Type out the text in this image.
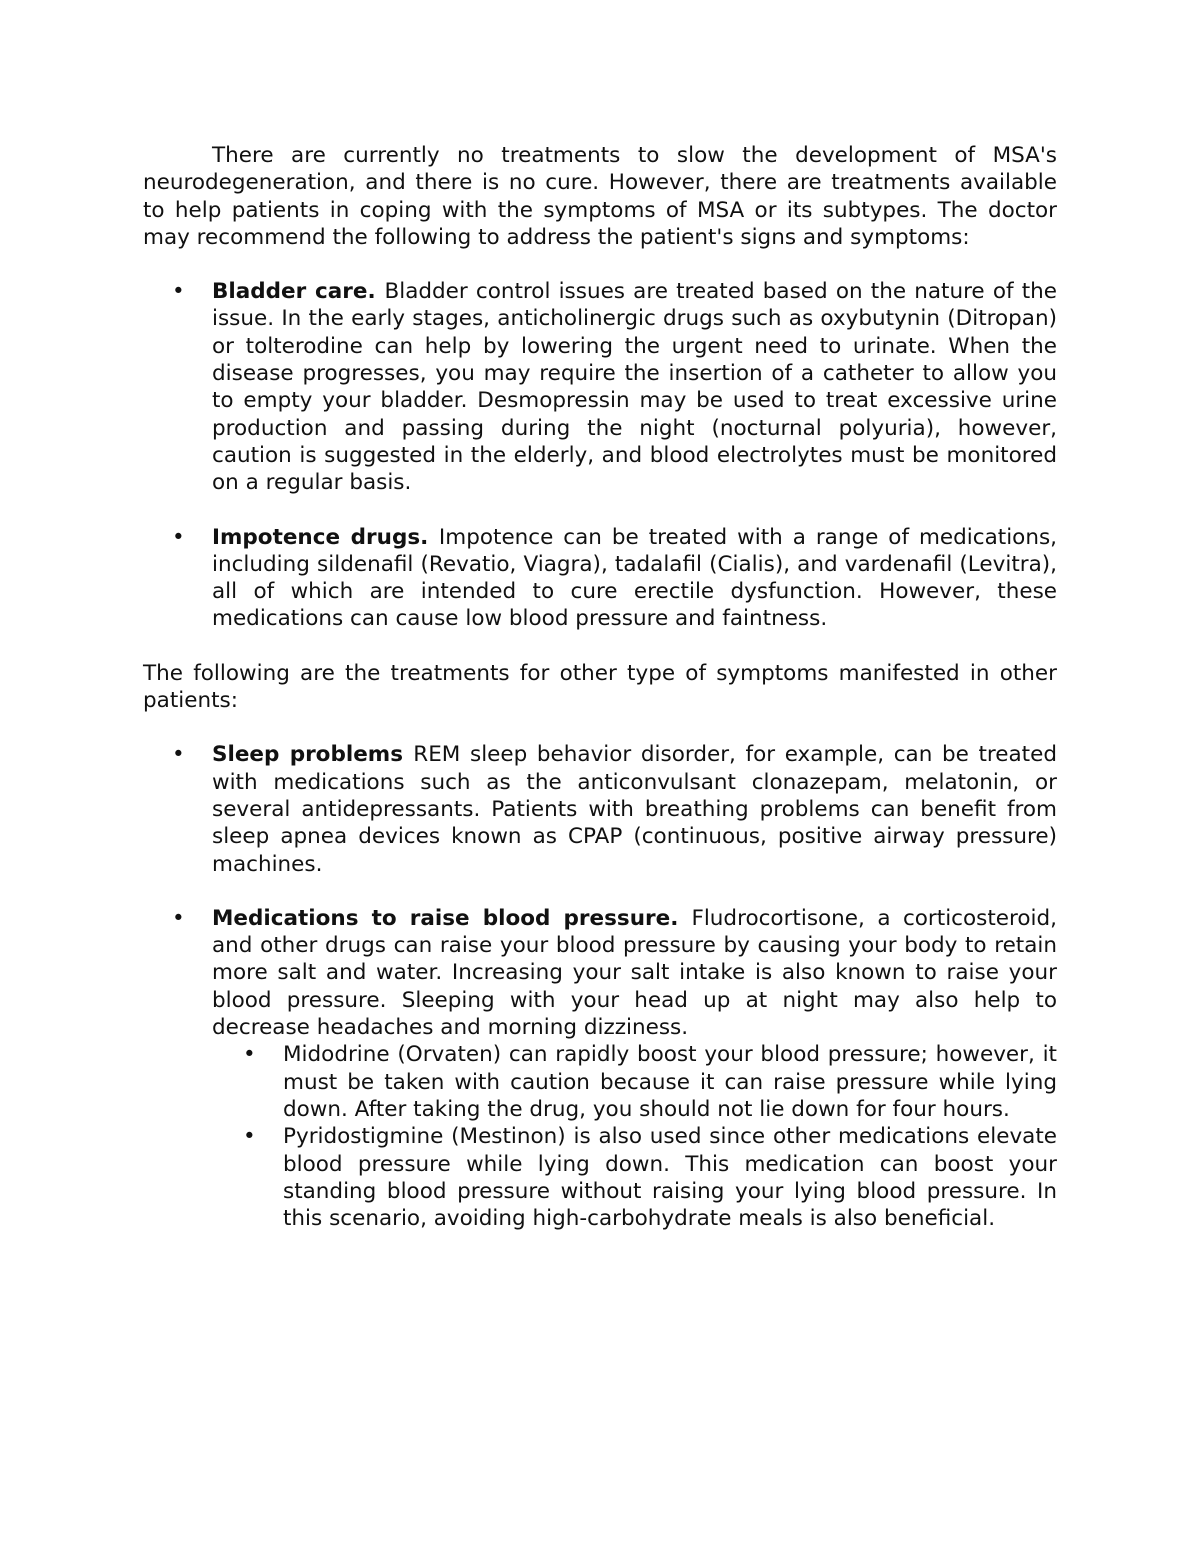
There are currently no treatments to slow the development of MSA's neurodegeneration, and there is no cure. However, there are treatments available to help patients in coping with the symptoms of MSA or its subtypes. The doctor may recommend the following to address the patient's signs and symptoms:

• Bladder care. Bladder control issues are treated based on the nature of the issue. In the early stages, anticholinergic drugs such as oxybutynin (Ditropan) or tolterodine can help by lowering the urgent need to urinate. When the disease progresses, you may require the insertion of a catheter to allow you to empty your bladder. Desmopressin may be used to treat excessive urine production and passing during the night (nocturnal polyuria), however, caution is suggested in the elderly, and blood electrolytes must be monitored on a regular basis.
• Impotence drugs. Impotence can be treated with a range of medications, including sildenafil (Revatio, Viagra), tadalafil (Cialis), and vardenafil (Levitra), all of which are intended to cure erectile dysfunction. However, these medications can cause low blood pressure and faintness.

The following are the treatments for other type of symptoms manifested in other patients:

• Sleep problems REM sleep behavior disorder, for example, can be treated with medications such as the anticonvulsant clonazepam, melatonin, or several antidepressants. Patients with breathing problems can benefit from sleep apnea devices known as CPAP (continuous, positive airway pressure) machines.
• Medications to raise blood pressure. Fludrocortisone, a corticosteroid, and other drugs can raise your blood pressure by causing your body to retain more salt and water. Increasing your salt intake is also known to raise your blood pressure. Sleeping with your head up at night may also help to decrease headaches and morning dizziness.
• Midodrine (Orvaten) can rapidly boost your blood pressure; however, it must be taken with caution because it can raise pressure while lying down. After taking the drug, you should not lie down for four hours.
• Pyridostigmine (Mestinon) is also used since other medications elevate blood pressure while lying down. This medication can boost your standing blood pressure without raising your lying blood pressure. In this scenario, avoiding high-carbohydrate meals is also beneficial.
